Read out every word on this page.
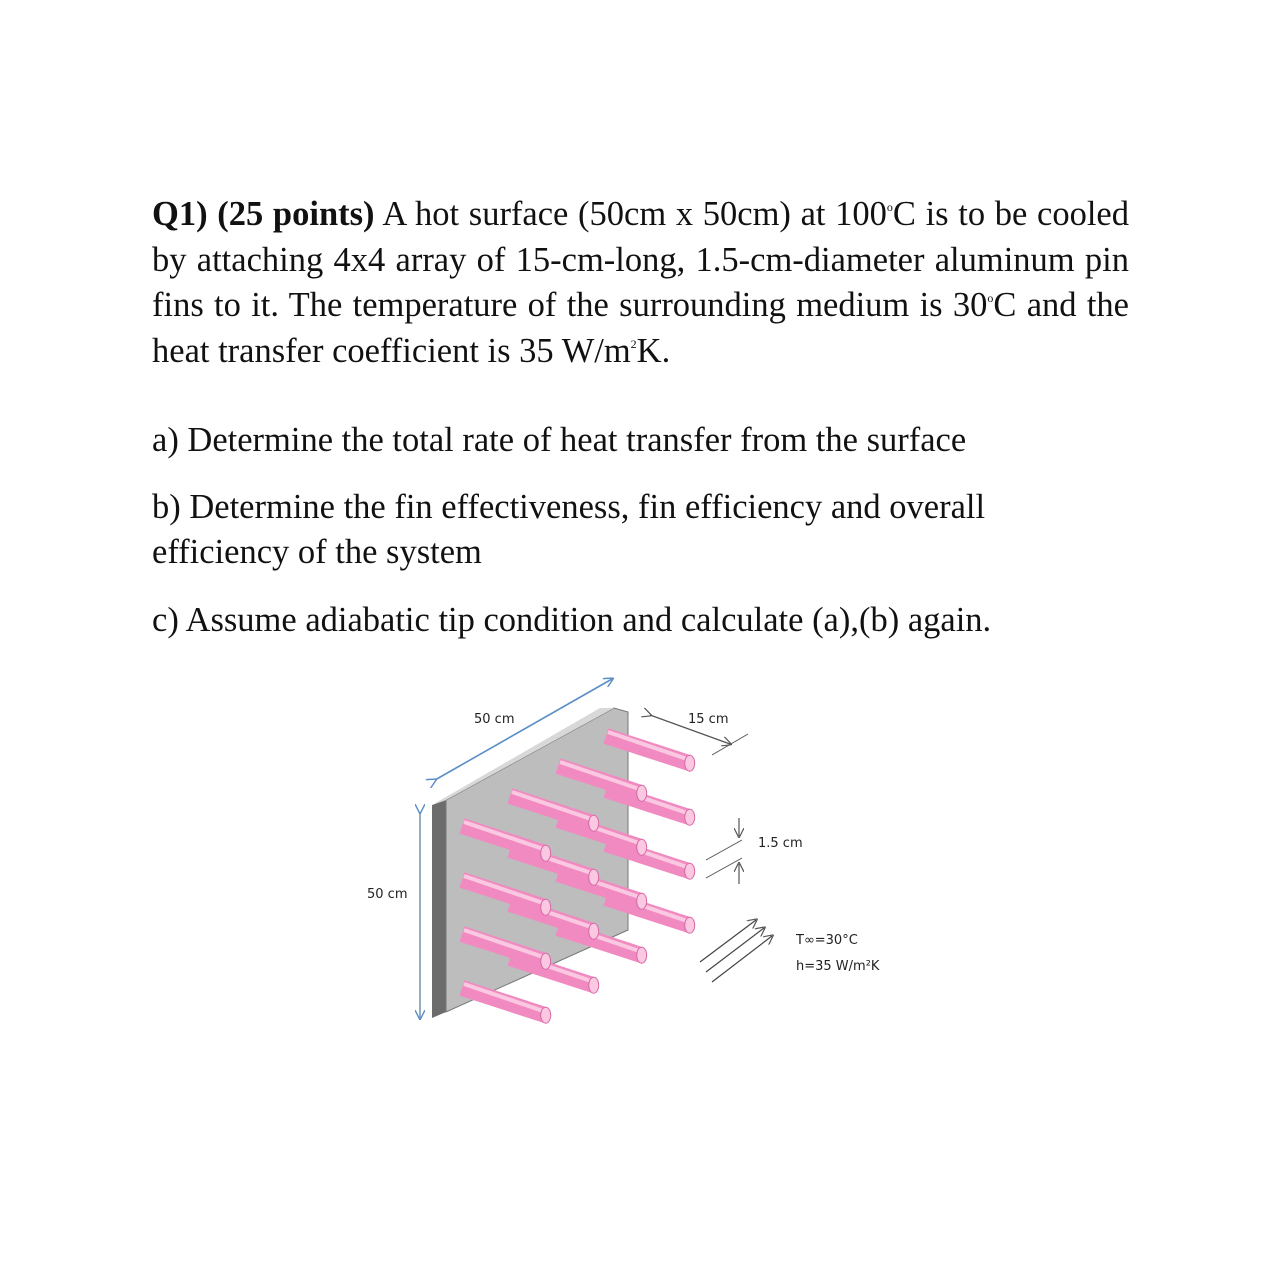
Q1) (25 points) A hot surface (50cm x 50cm) at 100$^o$C is to be cooled by attaching 4x4 array of 15-cm-long, 1.5-cm-diameter aluminum pin fins to it. The temperature of the surrounding medium is 30$^o$C and the heat transfer coefficient is 35 $W/m^2K$.
a) Determine the total rate of heat transfer from the surface
b) Determine the fin effectiveness, fin efficiency and overall
efficiency of the system
c) Assume adiabatic tip condition and calculate (a),(b) again.
50 cm	15 cm
1.5 cm
50 cm
T∞=30°C
h=35 W/m²K
